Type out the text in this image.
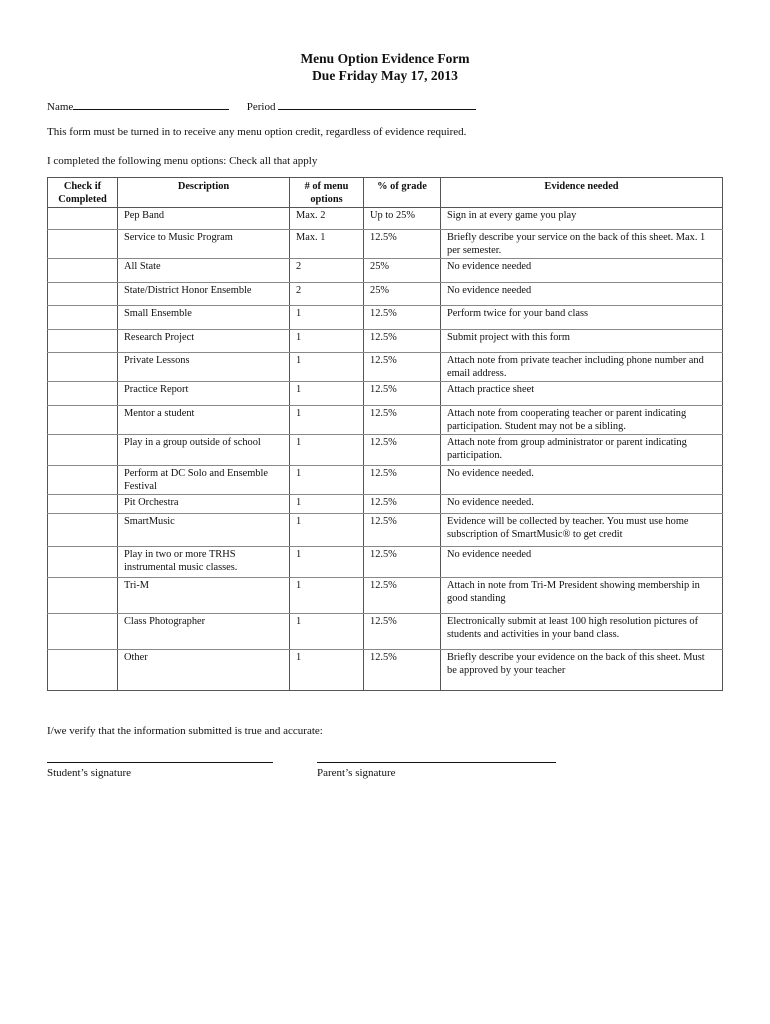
Menu Option Evidence Form
Due Friday May 17, 2013
Name	Period
This form must be turned in to receive any menu option credit, regardless of evidence required.
I completed the following menu options: Check all that apply
Check if Completed	Description	# of menu options	% of grade	Evidence needed
	Pep Band	Max. 2	Up to 25%	Sign in at every game you play
	Service to Music Program	Max. 1	12.5%	Briefly describe your service on the back of this sheet. Max. 1 per semester.
	All State	2	25%	No evidence needed
	State/District Honor Ensemble	2	25%	No evidence needed
	Small Ensemble	1	12.5%	Perform twice for your band class
	Research Project	1	12.5%	Submit project with this form
	Private Lessons	1	12.5%	Attach note from private teacher including phone number and email address.
	Practice Report	1	12.5%	Attach practice sheet
	Mentor a student	1	12.5%	Attach note from cooperating teacher or parent indicating participation. Student may not be a sibling.
	Play in a group outside of school	1	12.5%	Attach note from group administrator or parent indicating participation.
	Perform at DC Solo and Ensemble Festival	1	12.5%	No evidence needed.
	Pit Orchestra	1	12.5%	No evidence needed.
	SmartMusic	1	12.5%	Evidence will be collected by teacher. You must use home subscription of SmartMusic® to get credit
	Play in two or more TRHS instrumental music classes.	1	12.5%	No evidence needed
	Tri-M	1	12.5%	Attach in note from Tri-M President showing membership in good standing
	Class Photographer	1	12.5%	Electronically submit at least 100 high resolution pictures of students and activities in your band class.
	Other	1	12.5%	Briefly describe your evidence on the back of this sheet. Must be approved by your teacher
I/we verify that the information submitted is true and accurate:
Student’s signature	Parent’s signature
